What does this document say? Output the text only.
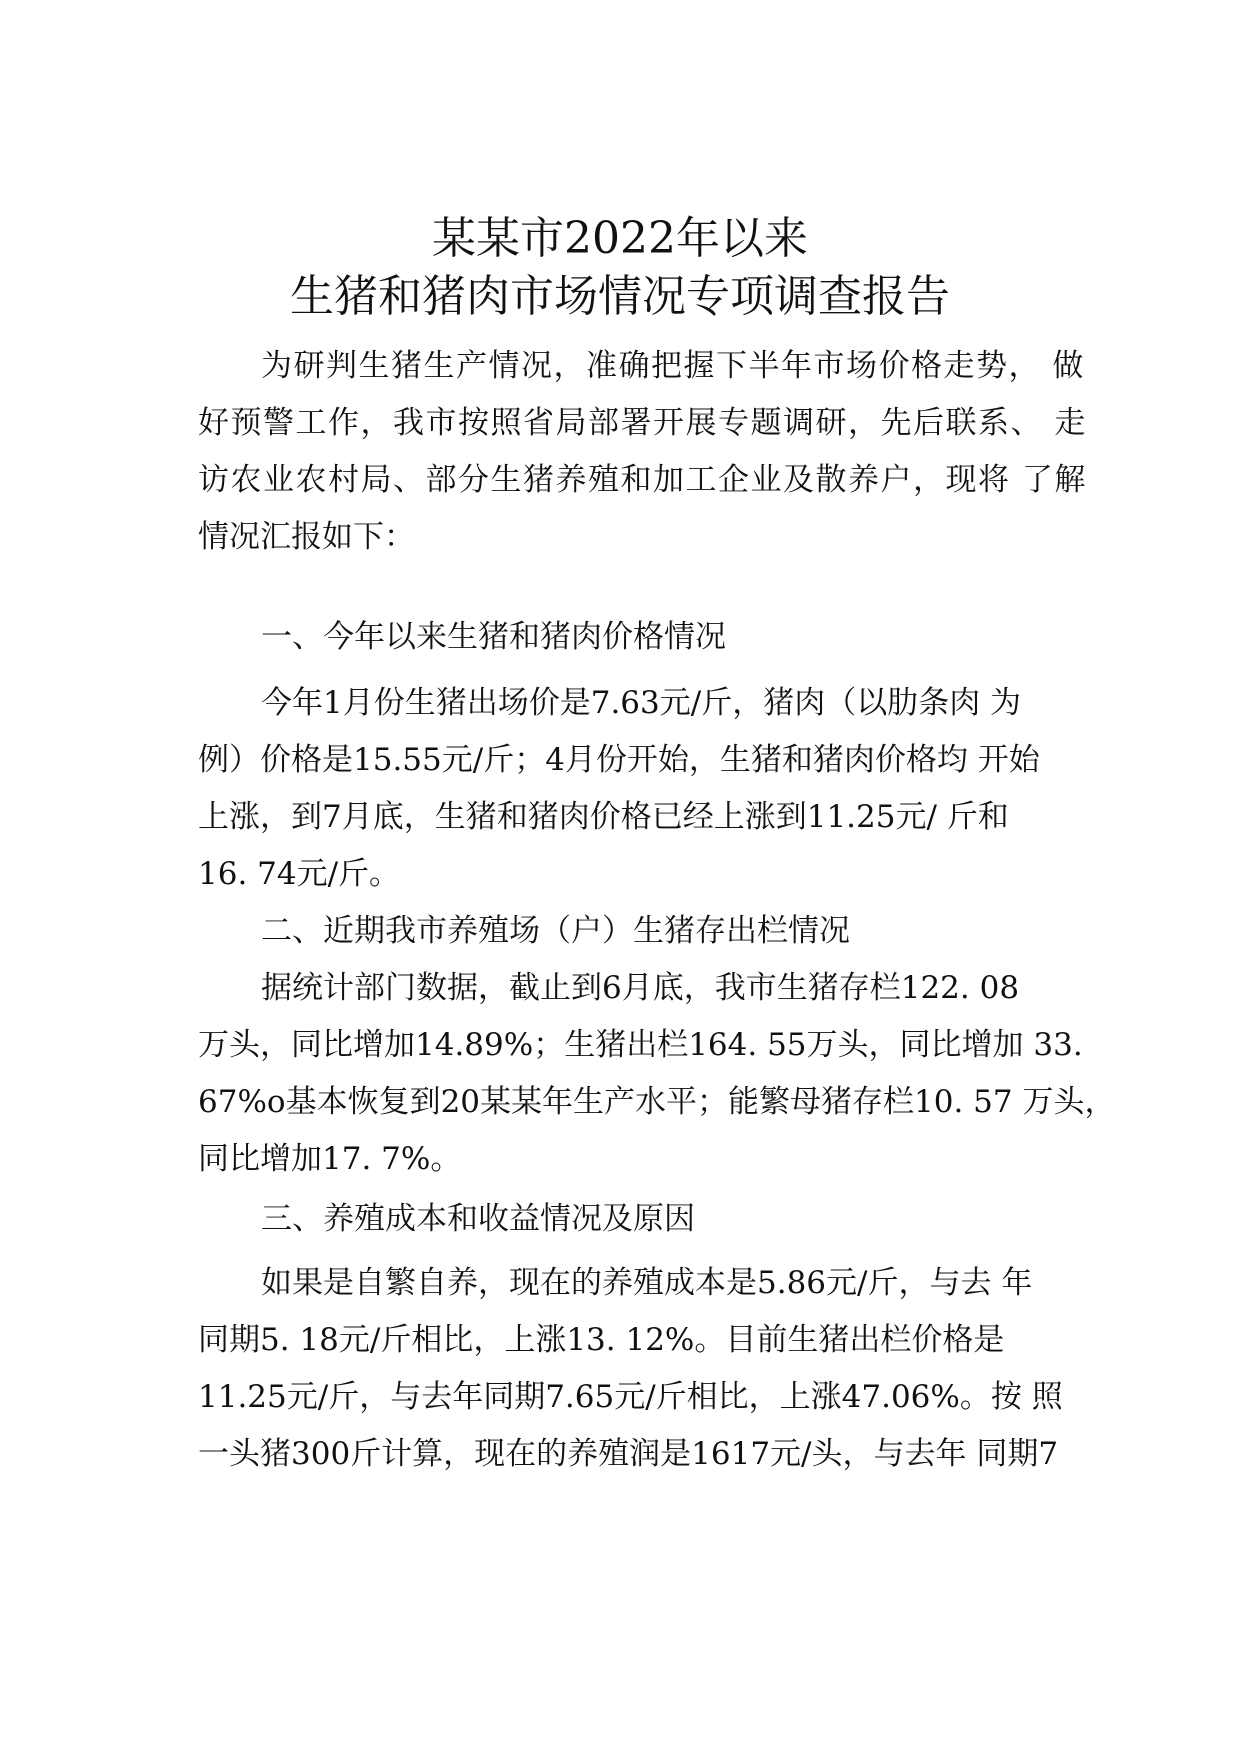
某某市2022年以来
生猪和猪肉市场情况专项调查报告
为研判生猪生产情况，准确把握下半年市场价格走势， 做
好预警工作，我市按照省局部署开展专题调研，先后联系、 走
访农业农村局、部分生猪养殖和加工企业及散养户，现将 了解
情况汇报如下：
一、今年以来生猪和猪肉价格情况
今年1月份生猪出场价是7.63元/斤，猪肉（以肋条肉 为
例）价格是15.55元/斤；4月份开始，生猪和猪肉价格均 开始
上涨，到7月底，生猪和猪肉价格已经上涨到11.25元/ 斤和
16. 74元/斤。
二、近期我市养殖场（户）生猪存出栏情况
据统计部门数据，截止到6月底，我市生猪存栏122. 08
万头，同比增加14.89%；生猪出栏164. 55万头，同比增加 33.
67%o基本恢复到20某某年生产水平；能繁母猪存栏10. 57 万头，
同比增加17. 7%。
三、养殖成本和收益情况及原因
如果是自繁自养，现在的养殖成本是5.86元/斤，与去 年
同期5. 18元/斤相比，上涨13. 12%。目前生猪出栏价格是
11.25元/斤，与去年同期7.65元/斤相比，上涨47.06%。按 照
一头猪300斤计算，现在的养殖润是1617元/头，与去年 同期7
